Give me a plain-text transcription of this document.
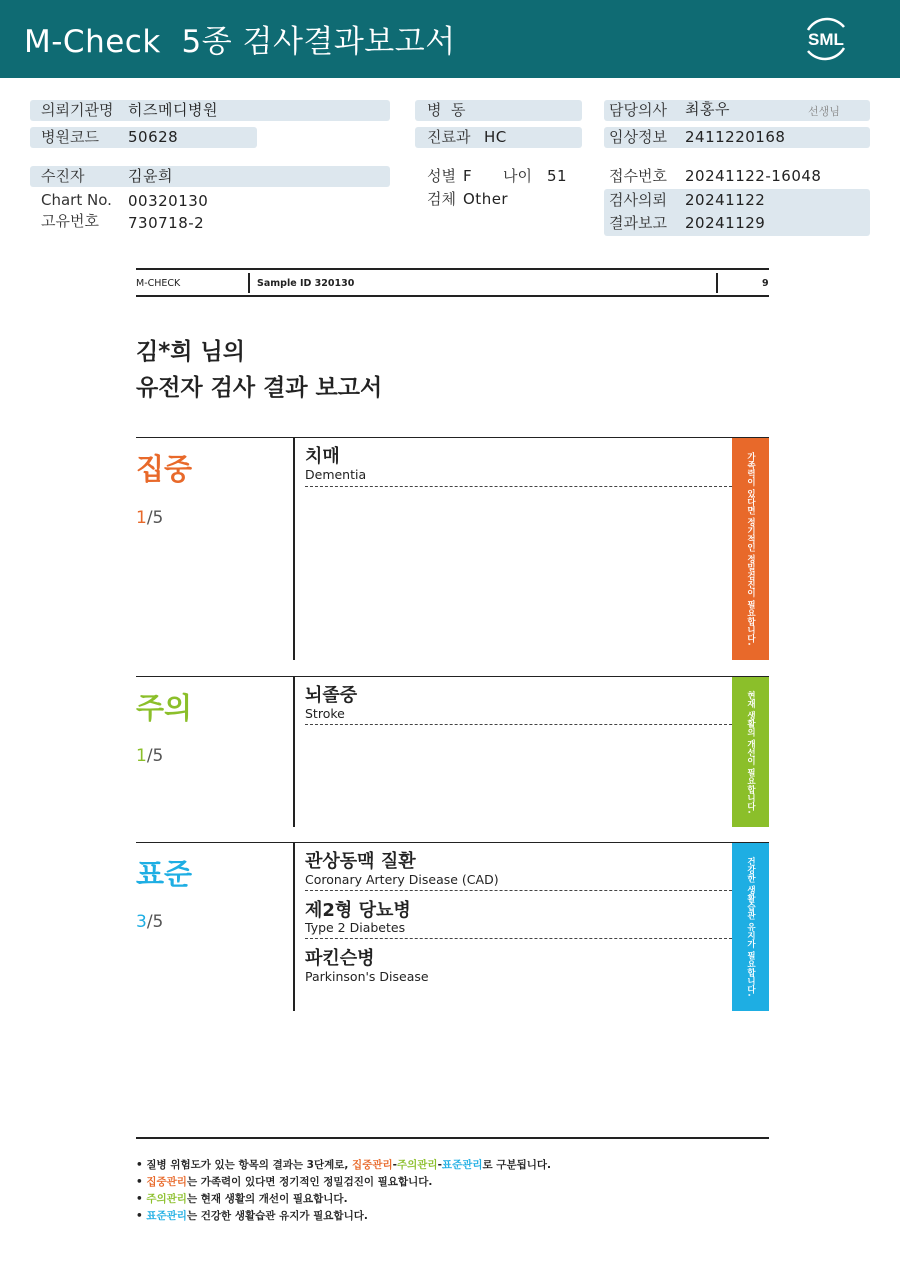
M-Check  5종 검사결과보고서	SML
의뢰기관명 히즈메디병원
병원코드 50628
수진자	김윤희
Chart No. 00320130
고유번호 730718-2
병  동
진료과 HC
성별 F 나이 51
검체 Other
담당의사 최홍우	선생님
임상정보 2411220168
접수번호 20241122-16048
검사의뢰 20241122
결과보고 20241129
M-CHECK	Sample ID 320130	9
김*희 님의
유전자 검사 결과 보고서
집중
1/5	가족력이 있다면 정기적인 정밀검진이 필요합니다.
치매
Dementia
주의
1/5	현재 생활의 개선이 필요합니다.
뇌졸중
Stroke
표준
3/5	건강한 생활습관 유지가 필요합니다.
관상동맥 질환
Coronary Artery Disease (CAD)
제2형 당뇨병
Type 2 Diabetes
파킨슨병
Parkinson's Disease
• 질병 위험도가 있는 항목의 결과는 3단계로, 집중관리-주의관리-표준관리로 구분됩니다.
• 집중관리는 가족력이 있다면 정기적인 정밀검진이 필요합니다.
• 주의관리는 현재 생활의 개선이 필요합니다.
• 표준관리는 건강한 생활습관 유지가 필요합니다.
